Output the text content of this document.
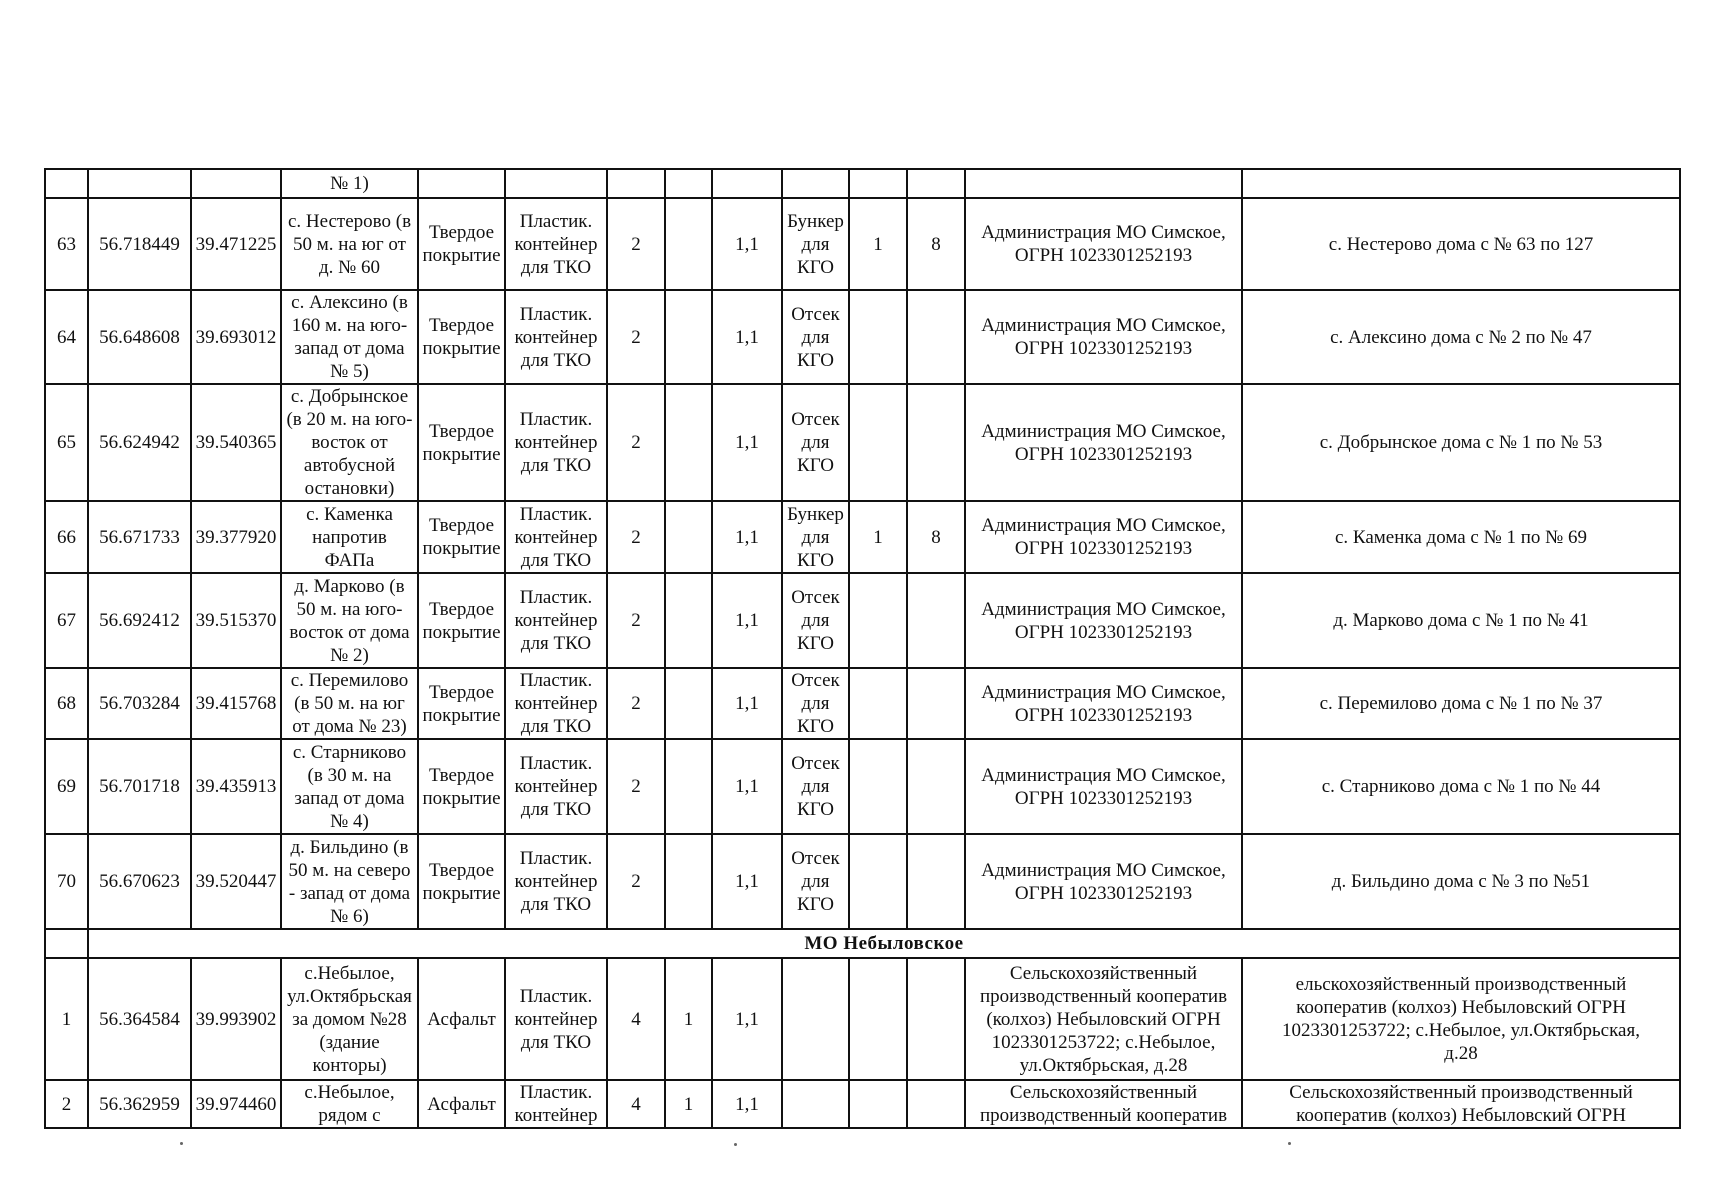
			№ 1)										
63	56.718449	39.471225	с. Нестерово (в
50 м. на юг от
д. № 60	Твердое
покрытие	Пластик.
контейнер
для ТКО	2		1,1	Бункер
для
КГО	1	8	Администрация МО Симское,
ОГРН 1023301252193	с. Нестерово дома с № 63 по 127
64	56.648608	39.693012	с. Алексино (в
160 м. на юго-
запад от дома
№ 5)	Твердое
покрытие	Пластик.
контейнер
для ТКО	2		1,1	Отсек
для
КГО			Администрация МО Симское,
ОГРН 1023301252193	с. Алексино дома с № 2 по № 47
65	56.624942	39.540365	с. Добрынское
(в 20 м. на юго-
восток от
автобусной
остановки)	Твердое
покрытие	Пластик.
контейнер
для ТКО	2		1,1	Отсек
для
КГО			Администрация МО Симское,
ОГРН 1023301252193	с. Добрынское дома с № 1 по № 53
66	56.671733	39.377920	с. Каменка
напротив
ФАПа	Твердое
покрытие	Пластик.
контейнер
для ТКО	2		1,1	Бункер
для
КГО	1	8	Администрация МО Симское,
ОГРН 1023301252193	с. Каменка дома с № 1 по № 69
67	56.692412	39.515370	д. Марково (в
50 м. на юго-
восток от дома
№ 2)	Твердое
покрытие	Пластик.
контейнер
для ТКО	2		1,1	Отсек
для
КГО			Администрация МО Симское,
ОГРН 1023301252193	д. Марково дома с № 1 по № 41
68	56.703284	39.415768	с. Перемилово
(в 50 м. на юг
от дома № 23)	Твердое
покрытие	Пластик.
контейнер
для ТКО	2		1,1	Отсек
для
КГО			Администрация МО Симское,
ОГРН 1023301252193	с. Перемилово дома с № 1 по № 37
69	56.701718	39.435913	с. Старниково
(в 30 м. на
запад от дома
№ 4)	Твердое
покрытие	Пластик.
контейнер
для ТКО	2		1,1	Отсек
для
КГО			Администрация МО Симское,
ОГРН 1023301252193	с. Старниково дома с № 1 по № 44
70	56.670623	39.520447	д. Бильдино (в
50 м. на северо
- запад от дома
№ 6)	Твердое
покрытие	Пластик.
контейнер
для ТКО	2		1,1	Отсек
для
КГО			Администрация МО Симское,
ОГРН 1023301252193	д. Бильдино дома с № 3 по №51
	МО Небыловское												
1	56.364584	39.993902	с.Небылое,
ул.Октябрьская
за домом №28
(здание
конторы)	Асфальт	Пластик.
контейнер
для ТКО	4	1	1,1				Сельскохозяйственный
производственный кооператив
(колхоз) Небыловский ОГРН
1023301253722; с.Небылое,
ул.Октябрьская, д.28	ельскохозяйственный производственный
кооператив (колхоз) Небыловский ОГРН
1023301253722; с.Небылое, ул.Октябрьская,
д.28
2	56.362959	39.974460	с.Небылое,
рядом с	Асфальт	Пластик.
контейнер	4	1	1,1				Сельскохозяйственный
производственный кооператив	Сельскохозяйственный производственный
кооператив (колхоз) Небыловский ОГРН
